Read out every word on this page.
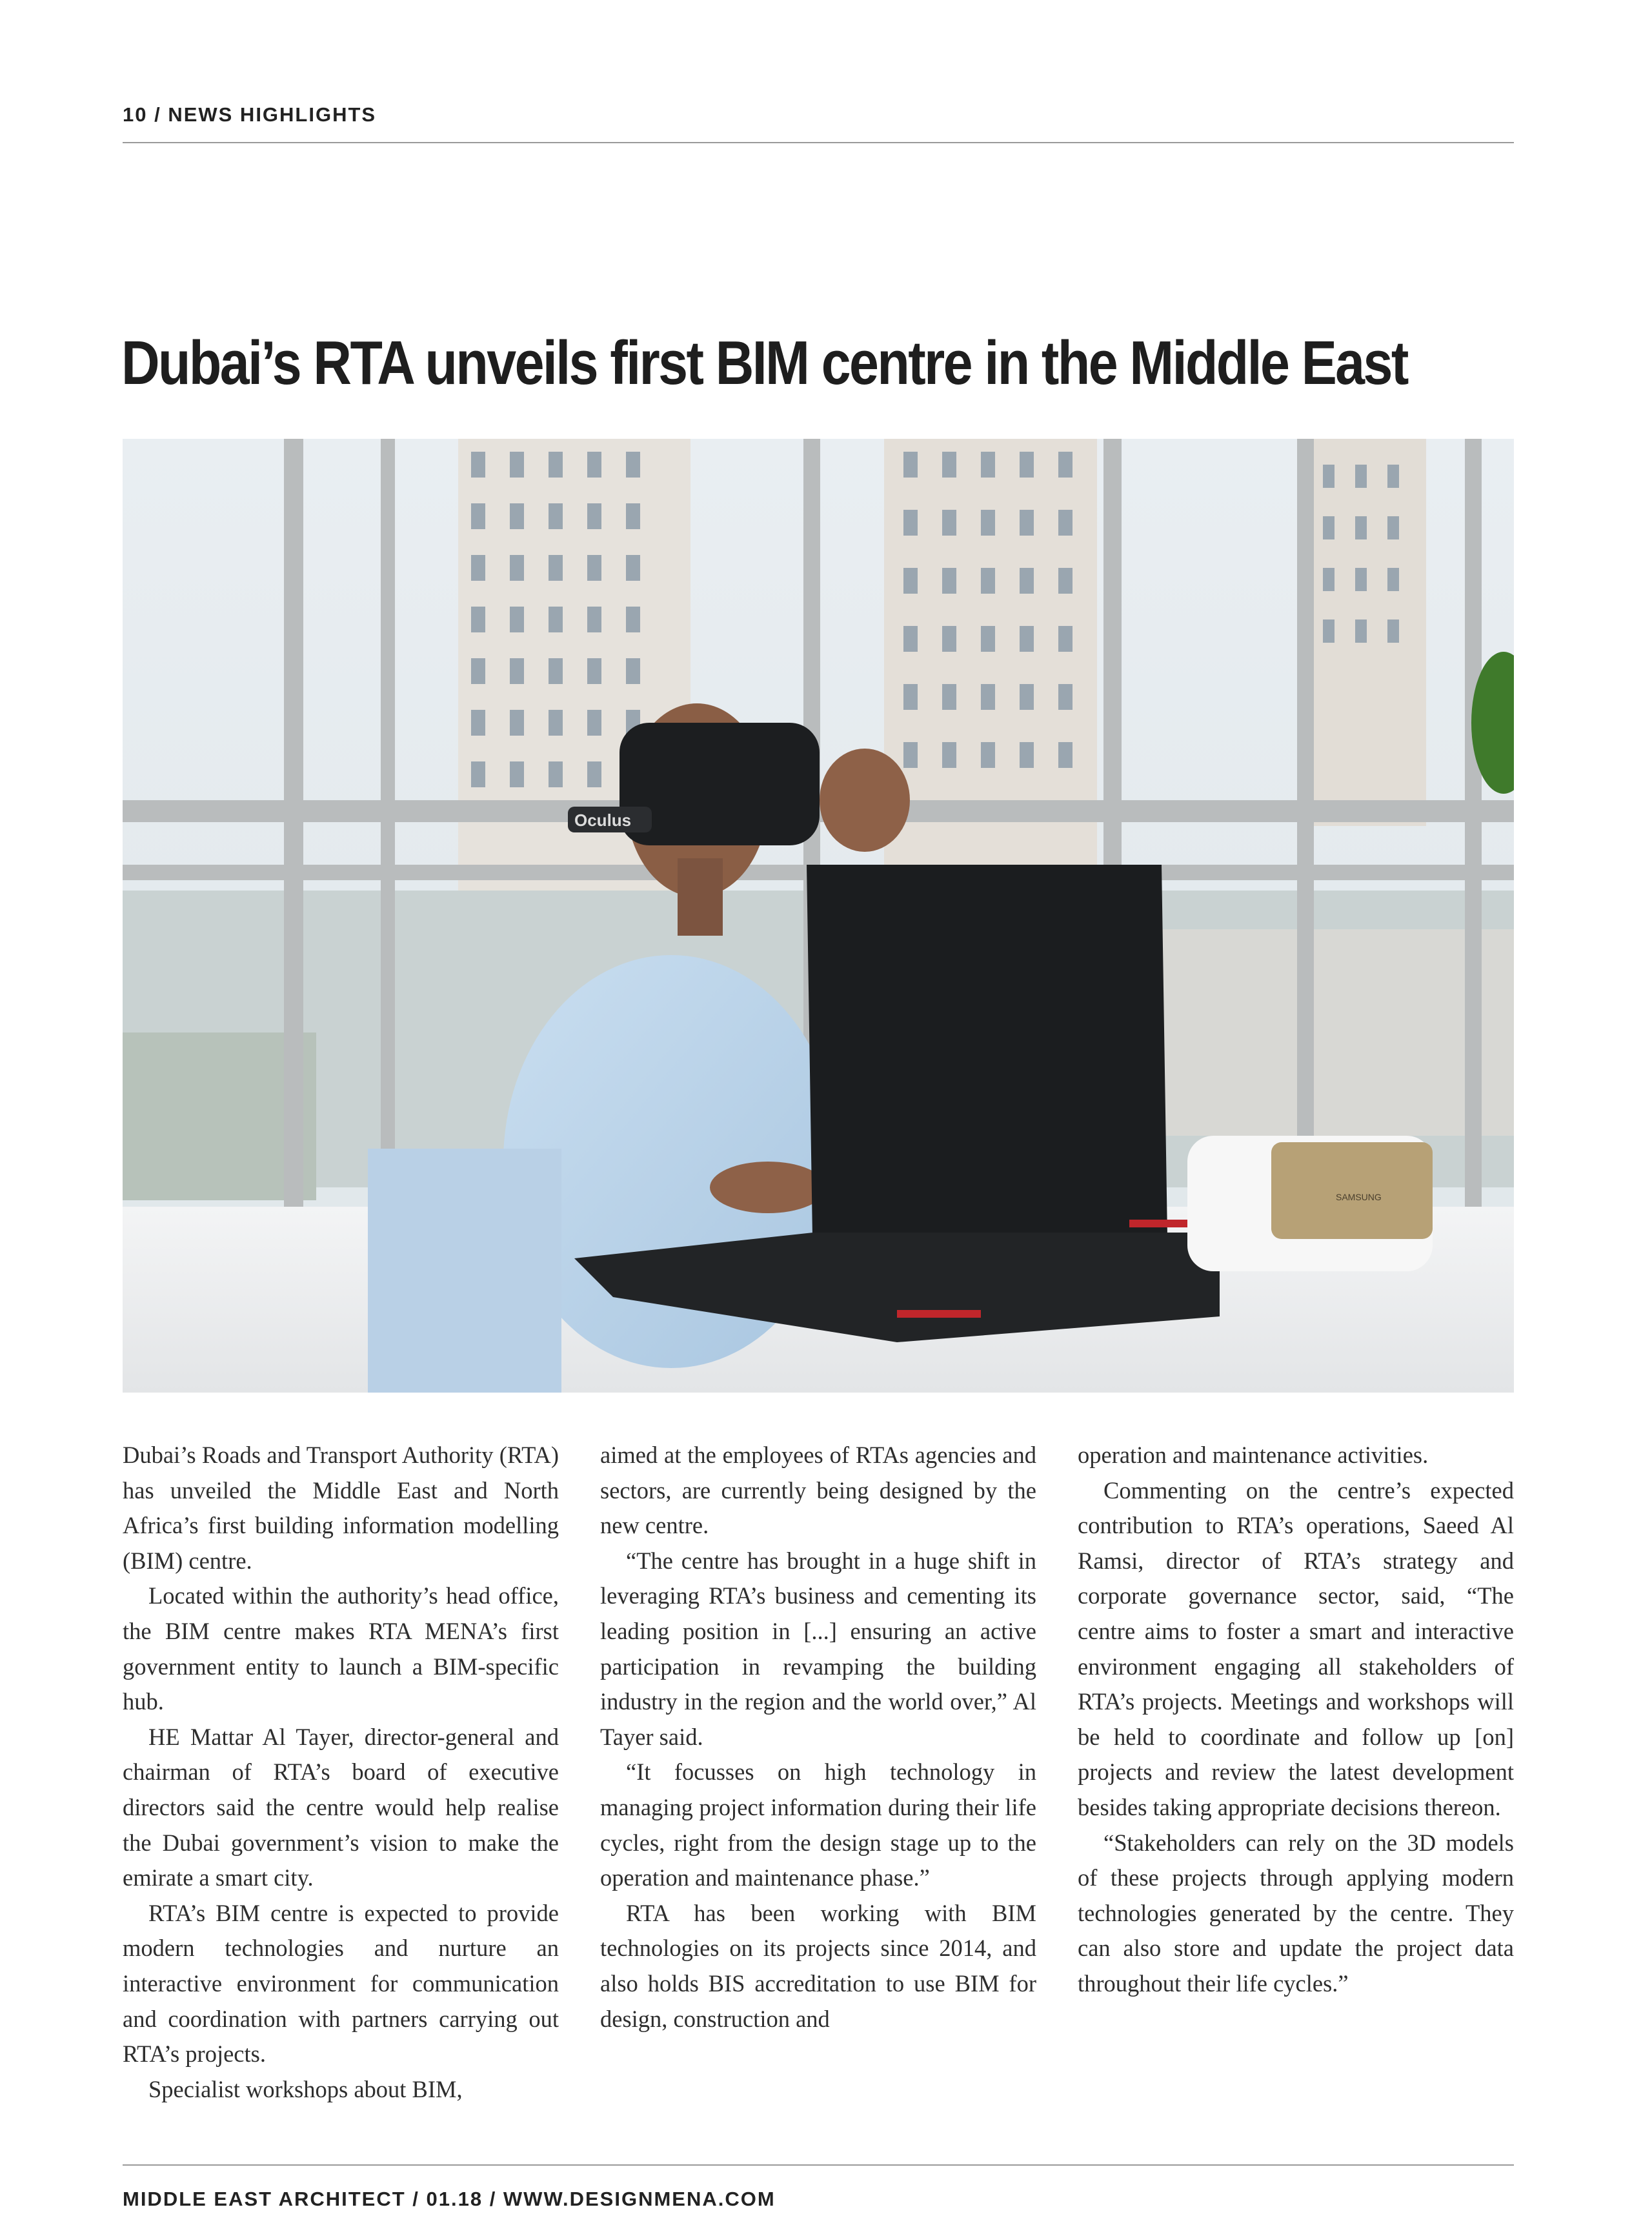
10 / NEWS HIGHLIGHTS
Dubai’s RTA unveils first BIM centre in the Middle East
Oculus
SAMSUNG

Dubai’s Roads and Transport Authority (RTA) has unveiled the Middle East and North Africa’s first building information modelling (BIM) centre.

Located within the authority’s head office, the BIM centre makes RTA MENA’s first government entity to launch a BIM-specific hub.

HE Mattar Al Tayer, director-general and chairman of RTA’s board of executive directors said the centre would help realise the Dubai government’s vision to make the emirate a smart city.

RTA’s BIM centre is expected to provide modern technologies and nurture an interactive environment for communication and coordination with partners carrying out RTA’s projects.

Specialist workshops about BIM,

aimed at the employees of RTAs agencies and sectors, are currently being designed by the new centre.

“The centre has brought in a huge shift in leveraging RTA’s business and cementing its leading position in [...] ensuring an active participation in revamping the building industry in the region and the world over,” Al Tayer said.

“It focusses on high technology in managing project information during their life cycles, right from the design stage up to the operation and maintenance phase.”

RTA has been working with BIM technologies on its projects since 2014, and also holds BIS accreditation to use BIM for design, construction and

operation and maintenance activities.

Commenting on the centre’s expected contribution to RTA’s operations, Saeed Al Ramsi, director of RTA’s strategy and corporate governance sector, said, “The centre aims to foster a smart and interactive environment engaging all stakeholders of RTA’s projects. Meetings and workshops will be held to coordinate and follow up [on] projects and review the latest development besides taking appropriate decisions thereon.

“Stakeholders can rely on the 3D models of these projects through applying modern technologies generated by the centre. They can also store and update the project data throughout their life cycles.”

MIDDLE EAST ARCHITECT / 01.18 / WWW.DESIGNMENA.COM
